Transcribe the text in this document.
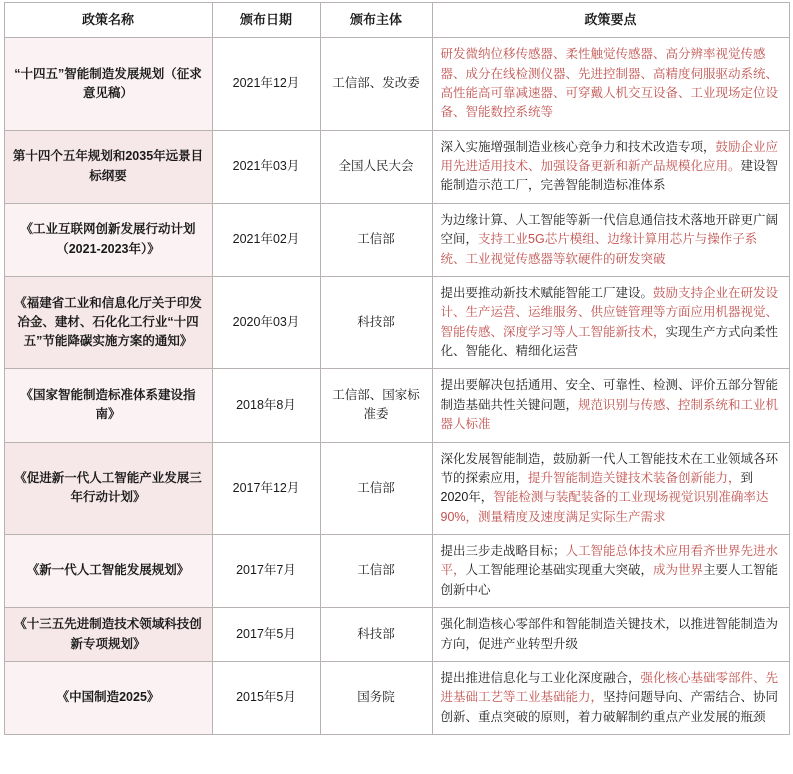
政策名称	颁布日期	颁布主体	政策要点
“十四五”智能制造发展规划（征求意见稿）	2021年12月	工信部、发改委	研发微纳位移传感器、柔性触觉传感器、高分辨率视觉传感器、成分在线检测仪器、先进控制器、高精度伺服驱动系统、高性能高可靠减速器、可穿戴人机交互设备、工业现场定位设备、智能数控系统等
第十四个五年规划和2035年远景目标纲要	2021年03月	全国人民大会	深入实施增强制造业核心竞争力和技术改造专项，鼓励企业应用先进适用技术、加强设备更新和新产品规模化应用。建设智能制造示范工厂，完善智能制造标准体系
《工业互联网创新发展行动计划（2021-2023年）》	2021年02月	工信部	为边缘计算、人工智能等新一代信息通信技术落地开辟更广阔空间，支持工业5G芯片模组、边缘计算用芯片与操作子系统、工业视觉传感器等软硬件的研发突破
《福建省工业和信息化厅关于印发冶金、建材、石化化工行业“十四五”节能降碳实施方案的通知》	2020年03月	科技部	提出要推动新技术赋能智能工厂建设。鼓励支持企业在研发设计、生产运营、运维服务、供应链管理等方面应用机器视觉、智能传感、深度学习等人工智能新技术，实现生产方式向柔性化、智能化、精细化运营
《国家智能制造标准体系建设指南》	2018年8月	工信部、国家标准委	提出要解决包括通用、安全、可靠性、检测、评价五部分智能制造基础共性关键问题，规范识别与传感、控制系统和工业机器人标准
《促进新一代人工智能产业发展三年行动计划》	2017年12月	工信部	深化发展智能制造，鼓励新一代人工智能技术在工业领域各环节的探索应用，提升智能制造关键技术装备创新能力，到2020年，智能检测与装配装备的工业现场视觉识别准确率达90%，测量精度及速度满足实际生产需求
《新一代人工智能发展规划》	2017年7月	工信部	提出三步走战略目标；人工智能总体技术应用看齐世界先进水平，人工智能理论基础实现重大突破，成为世界主要人工智能创新中心
《十三五先进制造技术领域科技创新专项规划》	2017年5月	科技部	强化制造核心零部件和智能制造关键技术，以推进智能制造为方向，促进产业转型升级
《中国制造2025》	2015年5月	国务院	提出推进信息化与工业化深度融合，强化核心基础零部件、先进基础工艺等工业基础能力，坚持问题导向、产需结合、协同创新、重点突破的原则，着力破解制约重点产业发展的瓶颈
